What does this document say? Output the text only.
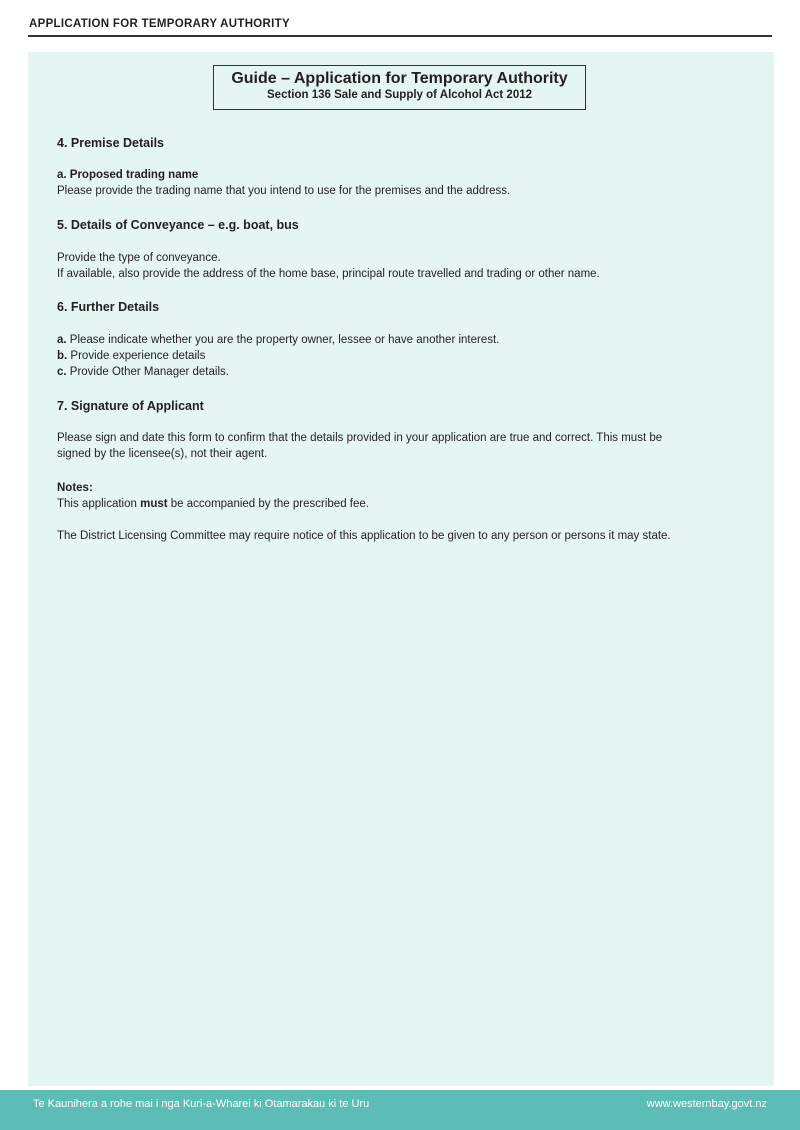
APPLICATION FOR TEMPORARY AUTHORITY
Guide – Application for Temporary Authority
Section 136 Sale and Supply of Alcohol Act 2012
4. Premise Details
a. Proposed trading name
Please provide the trading name that you intend to use for the premises and the address.
5. Details of Conveyance – e.g. boat, bus
Provide the type of conveyance.
If available, also provide the address of the home base, principal route travelled and trading or other name.
6. Further Details
a. Please indicate whether you are the property owner, lessee or have another interest.
b. Provide experience details
c. Provide Other Manager details.
7. Signature of Applicant
Please sign and date this form to confirm that the details provided in your application are true and correct. This must be
signed by the licensee(s), not their agent.
Notes:
This application must be accompanied by the prescribed fee.
The District Licensing Committee may require notice of this application to be given to any person or persons it may state.
Te Kaunihera a rohe mai i nga Kuri-a-Wharei ki Otamarakau ki te Uru	www.westernbay.govt.nz
